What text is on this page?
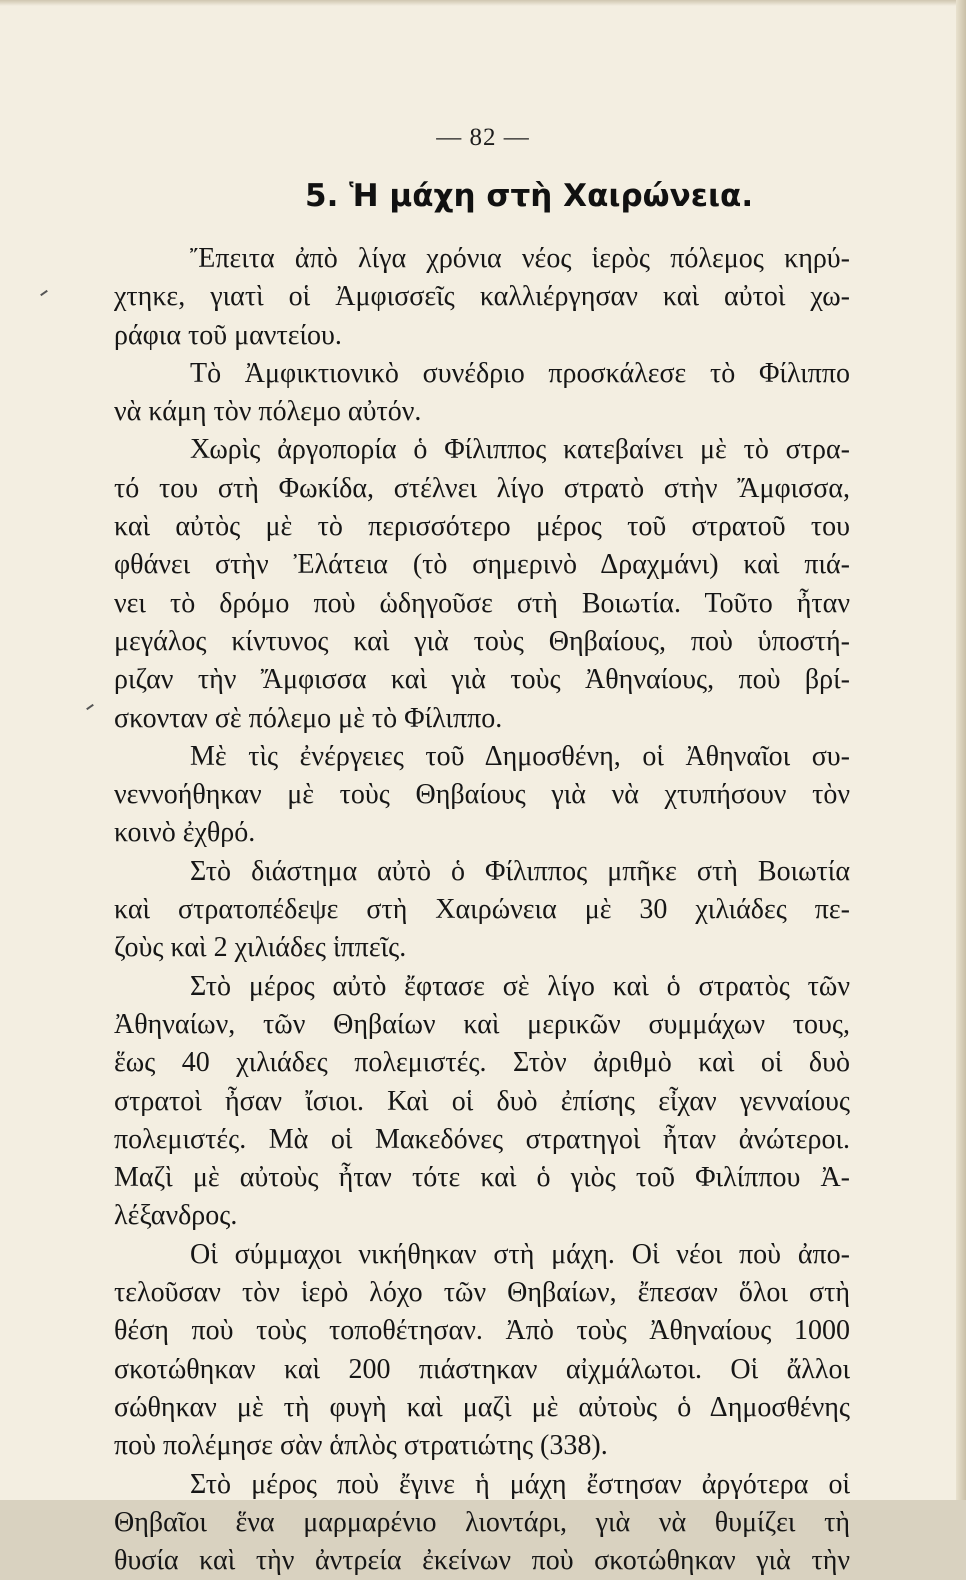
— 82 —
5. Ἡ μάχη στὴ Χαιρώνεια.
Ἔπειτα ἀπὸ λίγα χρόνια νέος ἱερὸς πόλεμος κηρύ-
χτηκε, γιατὶ οἱ Ἀμφισσεῖς καλλιέργησαν καὶ αὐτοὶ χω-
ράφια τοῦ μαντείου.
Τὸ Ἀμφικτιονικὸ συνέδριο προσκάλεσε τὸ Φίλιππο
νὰ κάμη τὸν πόλεμο αὐτόν.
Χωρὶς ἀργοπορία ὁ Φίλιππος κατεβαίνει μὲ τὸ στρα-
τό του στὴ Φωκίδα, στέλνει λίγο στρατὸ στὴν Ἄμφισσα,
καὶ αὐτὸς μὲ τὸ περισσότερο μέρος τοῦ στρατοῦ του
φθάνει στὴν Ἐλάτεια (τὸ σημερινὸ Δραχμάνι) καὶ πιά-
νει τὸ δρόμο ποὺ ὡδηγοῦσε στὴ Βοιωτία. Τοῦτο ἦταν
μεγάλος κίντυνος καὶ γιὰ τοὺς Θηβαίους, ποὺ ὑποστή-
ριζαν τὴν Ἄμφισσα καὶ γιὰ τοὺς Ἀθηναίους, ποὺ βρί-
σκονταν σὲ πόλεμο μὲ τὸ Φίλιππο.
Μὲ τὶς ἐνέργειες τοῦ Δημοσθένη, οἱ Ἀθηναῖοι συ-
νεννοήθηκαν μὲ τοὺς Θηβαίους γιὰ νὰ χτυπήσουν τὸν
κοινὸ ἐχθρό.
Στὸ διάστημα αὐτὸ ὁ Φίλιππος μπῆκε στὴ Βοιωτία
καὶ στρατοπέδεψε στὴ Χαιρώνεια μὲ 30 χιλιάδες πε-
ζοὺς καὶ 2 χιλιάδες ἱππεῖς.
Στὸ μέρος αὐτὸ ἔφτασε σὲ λίγο καὶ ὁ στρατὸς τῶν
Ἀθηναίων, τῶν Θηβαίων καὶ μερικῶν συμμάχων τους,
ἕως 40 χιλιάδες πολεμιστές. Στὸν ἀριθμὸ καὶ οἱ δυὸ
στρατοὶ ἦσαν ἴσιοι. Καὶ οἱ δυὸ ἐπίσης εἶχαν γενναίους
πολεμιστές. Μὰ οἱ Μακεδόνες στρατηγοὶ ἦταν ἀνώτεροι.
Μαζὶ μὲ αὐτοὺς ἦταν τότε καὶ ὁ γιὸς τοῦ Φιλίππου Ἀ-
λέξανδρος.
Οἱ σύμμαχοι νικήθηκαν στὴ μάχη. Οἱ νέοι ποὺ ἀπο-
τελοῦσαν τὸν ἱερὸ λόχο τῶν Θηβαίων, ἔπεσαν ὅλοι στὴ
θέση ποὺ τοὺς τοποθέτησαν. Ἀπὸ τοὺς Ἀθηναίους 1000
σκοτώθηκαν καὶ 200 πιάστηκαν αἰχμάλωτοι. Οἱ ἄλλοι
σώθηκαν μὲ τὴ φυγὴ καὶ μαζὶ μὲ αὐτοὺς ὁ Δημοσθένης
ποὺ πολέμησε σὰν ἁπλὸς στρατιώτης (338).
Στὸ μέρος ποὺ ἔγινε ἡ μάχη ἔστησαν ἀργότερα οἱ
Θηβαῖοι ἕνα μαρμαρένιο λιοντάρι, γιὰ νὰ θυμίζει τὴ
θυσία καὶ τὴν ἀντρεία ἐκείνων ποὺ σκοτώθηκαν γιὰ τὴν
